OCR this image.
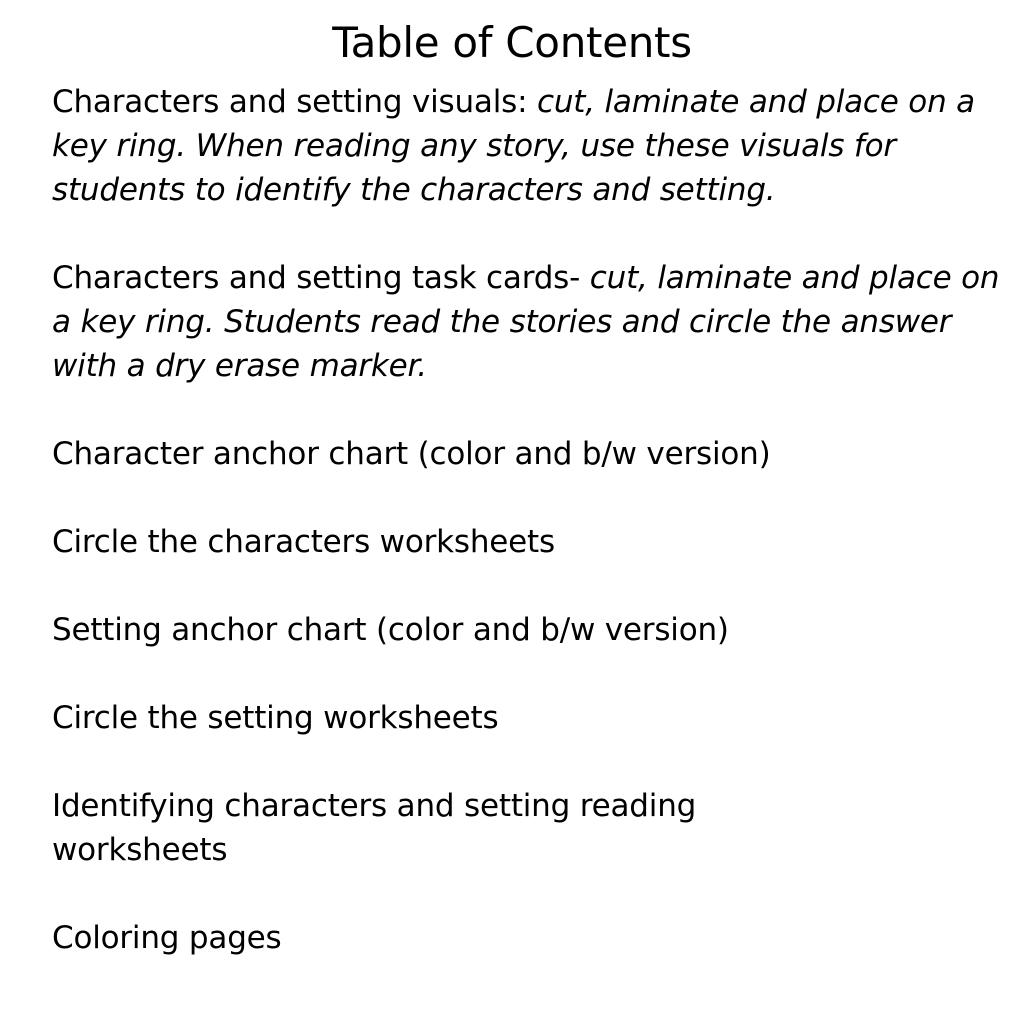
Table of Contents
Characters and setting visuals: cut, laminate and place on a key ring. When reading any story, use these visuals for students to identify the characters and setting.
Characters and setting task cards- cut, laminate and place on a key ring. Students read the stories and circle the answer with a dry erase marker.
Character anchor chart (color and b/w version)
Circle the characters worksheets
Setting anchor chart (color and b/w version)
Circle the setting worksheets
Identifying characters and setting reading worksheets
Coloring pages
